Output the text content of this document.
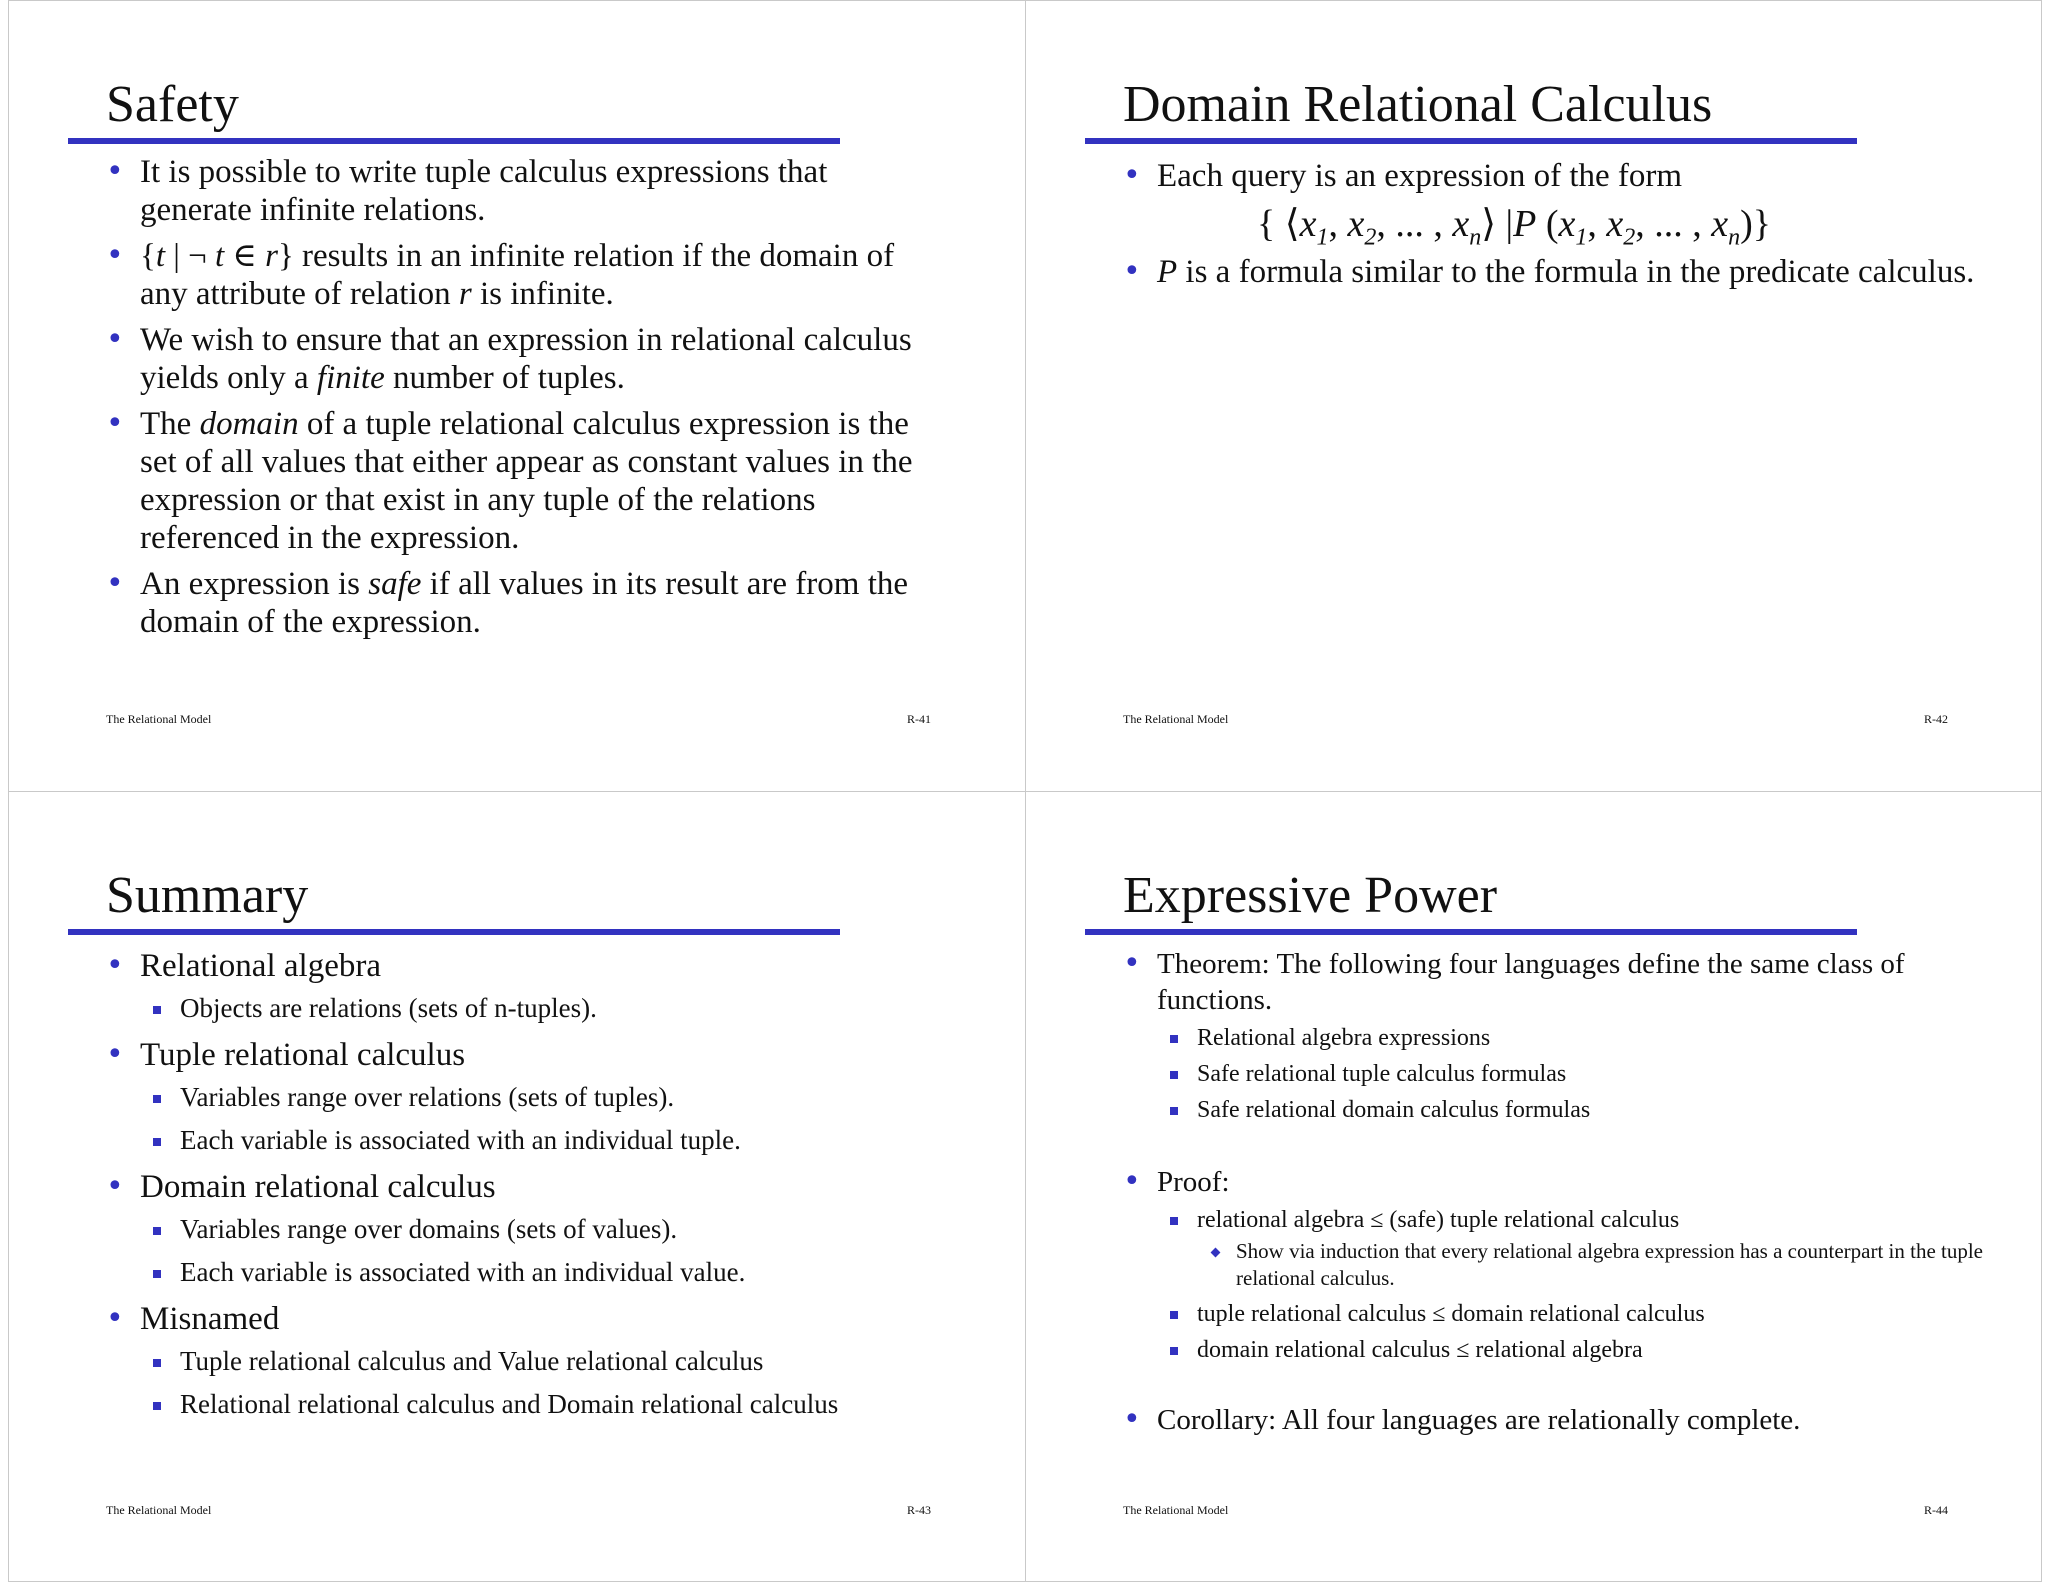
Safety
• It is possible to write tuple calculus expressions that generate infinite relations.
• {t | ¬ t ∈ r} results in an infinite relation if the domain of any attribute of relation r is infinite.
• We wish to ensure that an expression in relational calculus yields only a finite number of tuples.
• The domain of a tuple relational calculus expression is the set of all values that either appear as constant values in the expression or that exist in any tuple of the relations referenced in the expression.
• An expression is safe if all values in its result are from the domain of the expression.
The Relational Model	R-41
Domain Relational Calculus
• Each query is an expression of the form
{ $⟨x_1$, $x_2$, ... , $x_n⟩$ |P ($x_1$, $x_2$, ... , $x_n$)}
• P is a formula similar to the formula in the predicate calculus.
The Relational Model	R-42
Summary
• Relational algebra
Objects are relations (sets of n-tuples).
• Tuple relational calculus
Variables range over relations (sets of tuples).
Each variable is associated with an individual tuple.
• Domain relational calculus
Variables range over domains (sets of values).
Each variable is associated with an individual value.
• Misnamed
Tuple relational calculus and Value relational calculus
Relational relational calculus and Domain relational calculus
The Relational Model	R-43
Expressive Power
• Theorem: The following four languages define the same class of functions.
Relational algebra expressions
Safe relational tuple calculus formulas
Safe relational domain calculus formulas
• Proof:
relational algebra ≤ (safe) tuple relational calculus
Show via induction that every relational algebra expression has a counterpart in the tuple relational calculus.
tuple relational calculus ≤ domain relational calculus
domain relational calculus ≤ relational algebra
• Corollary: All four languages are relationally complete.
The Relational Model	R-44
